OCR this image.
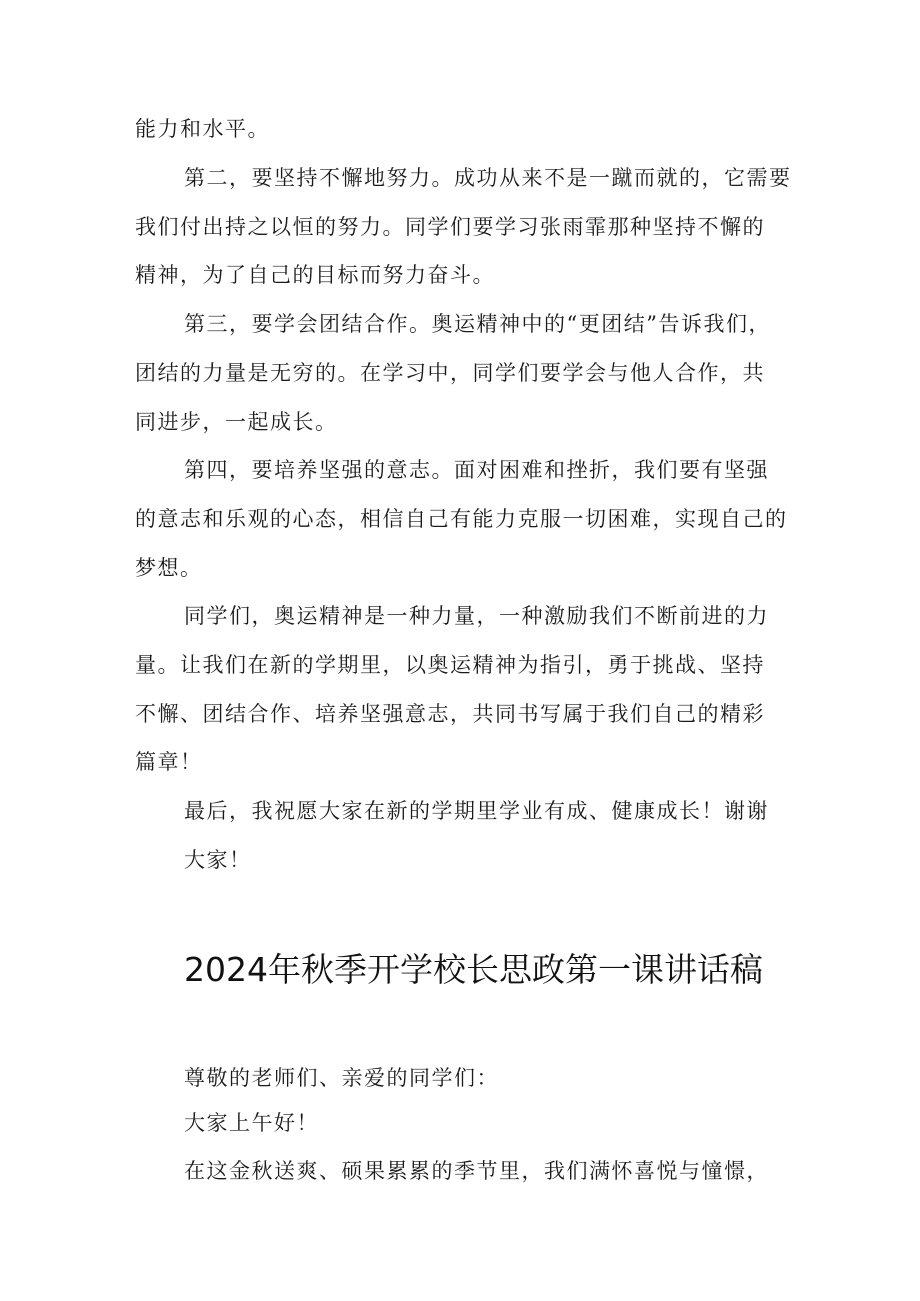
能力和水平。
第二，要坚持不懈地努力。成功从来不是一蹴而就的，它需要
我们付出持之以恒的努力。同学们要学习张雨霏那种坚持不懈的
精神，为了自己的目标而努力奋斗。
第三，要学会团结合作。奥运精神中的“更团结”告诉我们，
团结的力量是无穷的。在学习中，同学们要学会与他人合作，共
同进步，一起成长。
第四，要培养坚强的意志。面对困难和挫折，我们要有坚强
的意志和乐观的心态，相信自己有能力克服一切困难，实现自己的
梦想。
同学们，奥运精神是一种力量，一种激励我们不断前进的力
量。让我们在新的学期里，以奥运精神为指引，勇于挑战、坚持
不懈、团结合作、培养坚强意志，共同书写属于我们自己的精彩
篇章！
最后，我祝愿大家在新的学期里学业有成、健康成长！谢谢
大家！
2024年秋季开学校长思政第一课讲话稿
尊敬的老师们、亲爱的同学们：
大家上午好！
在这金秋送爽、硕果累累的季节里，我们满怀喜悦与憧憬，
